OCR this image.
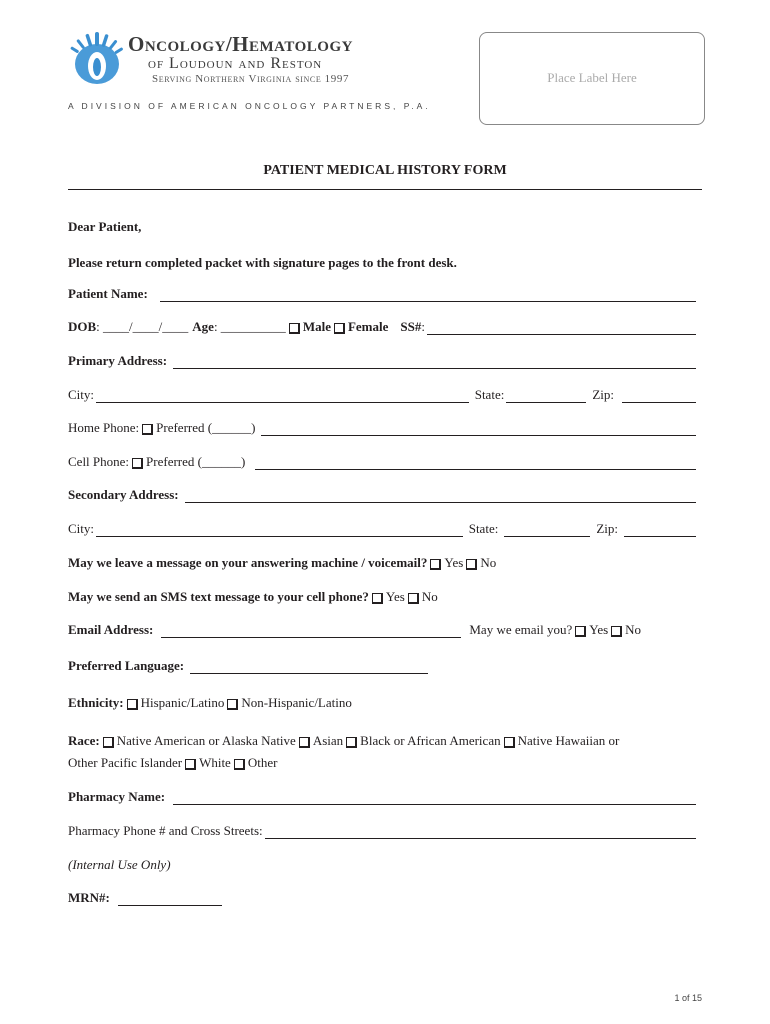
Oncology/Hematology
of Loudoun and Reston
Serving Northern Virginia since 1997
A DIVISION OF AMERICAN ONCOLOGY PARTNERS, P.A.
Place Label Here
PATIENT MEDICAL HISTORY FORM
Dear Patient,
Please return completed packet with signature pages to the front desk.
Patient Name:
DOB : ____/____/____ Age : __________ Male Female SS# :
Primary Address:
City:	State:	Zip:
Home Phone: Preferred (______)
Cell Phone: Preferred (______)
Secondary Address:
City:	State:	Zip:
May we leave a message on your answering machine / voicemail? Yes No
May we send an SMS text message to your cell phone? Yes No
Email Address:	May we email you? Yes No
Preferred Language:
Ethnicity: Hispanic/Latino Non-Hispanic/Latino
Race: Native American or Alaska Native Asian Black or African American Native Hawaiian or
Other Pacific Islander White Other
Pharmacy Name:
Pharmacy Phone # and Cross Streets:
(Internal Use Only)
MRN#:
1 of 15
